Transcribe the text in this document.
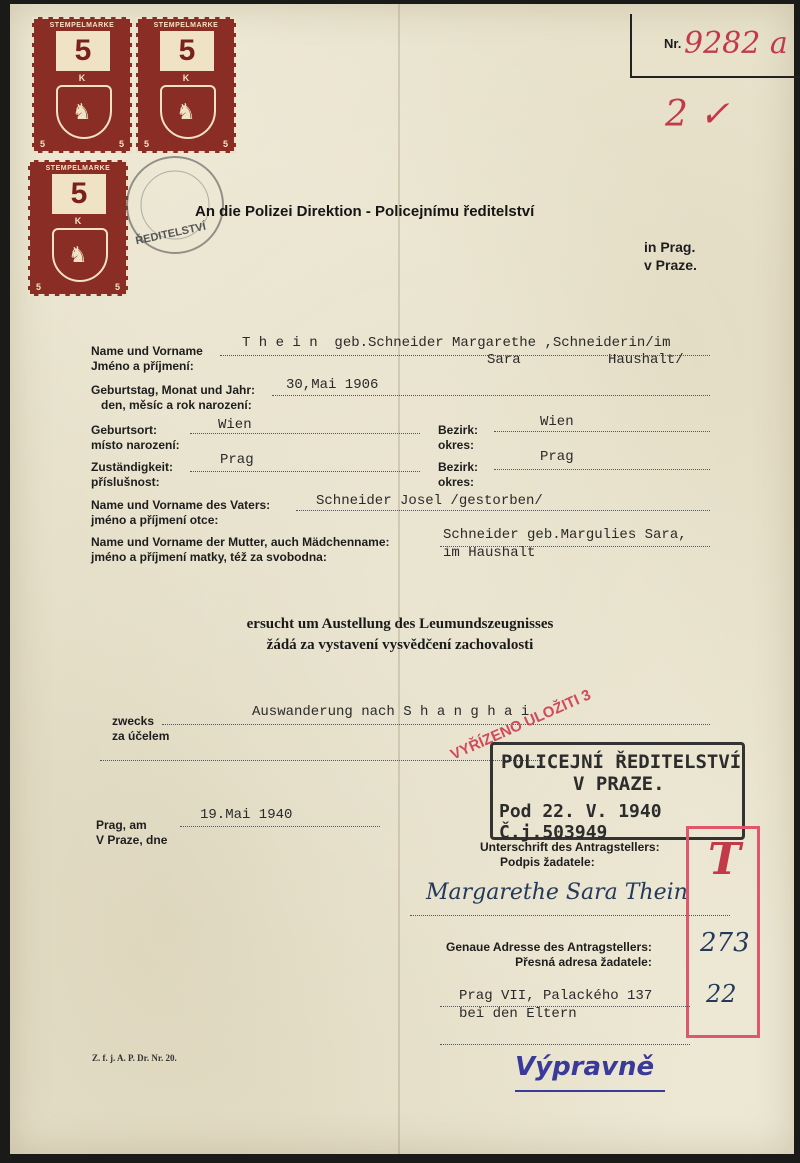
Nr. 9282 a
2 ✓
STEMPELMARKE
5
K
♞
5	5
STEMPELMARKE
5
K
♞
5	5
STEMPELMARKE
5
K
♞
5	5
ŘEDITELSTVÍ
An die Polizei Direktion - Policejnímu ředitelství
in Prag.
v Praze.
Name und Vorname
Jméno a příjmení:
T h e i n  geb.Schneider Margarethe ,Schneiderin/im
Sara	Haushalt/
Geburtstag, Monat und Jahr:
den, měsíc a rok narození:
30,Mai 1906
Geburtsort:
místo narození:
Wien	Bezirk:
okres:
Wien
Zuständigkeit:
příslušnost:
Prag	Bezirk:
okres:
Prag
Name und Vorname des Vaters:
jméno a příjmení otce:
Schneider Josel /gestorben/
Name und Vorname der Mutter, auch Mädchenname:
jméno a příjmení matky, též za svobodna:
Schneider geb.Margulies Sara,
im Haushalt
ersucht um Austellung des Leumundszeugnisses
žádá za vystavení vysvědčení zachovalosti
zwecks
za účelem
Auswanderung nach S h a n g h a i
Prag, am
V Praze, dne
19.Mai 1940
POLICEJNÍ ŘEDITELSTVÍ
V PRAZE.
Pod 22. V. 1940 Č.j.503949
VYŘÍZENO ULOŽITI 3
Unterschrift des Antragstellers:
Podpis žadatele:
Margarethe Sara Thein
T
273
22
Genaue Adresse des Antragstellers:
Přesná adresa žadatele:
Prag VII, Palackého 137
bei den Eltern
Z. f. j. A. P. Dr. Nr. 20.	Výpravně
